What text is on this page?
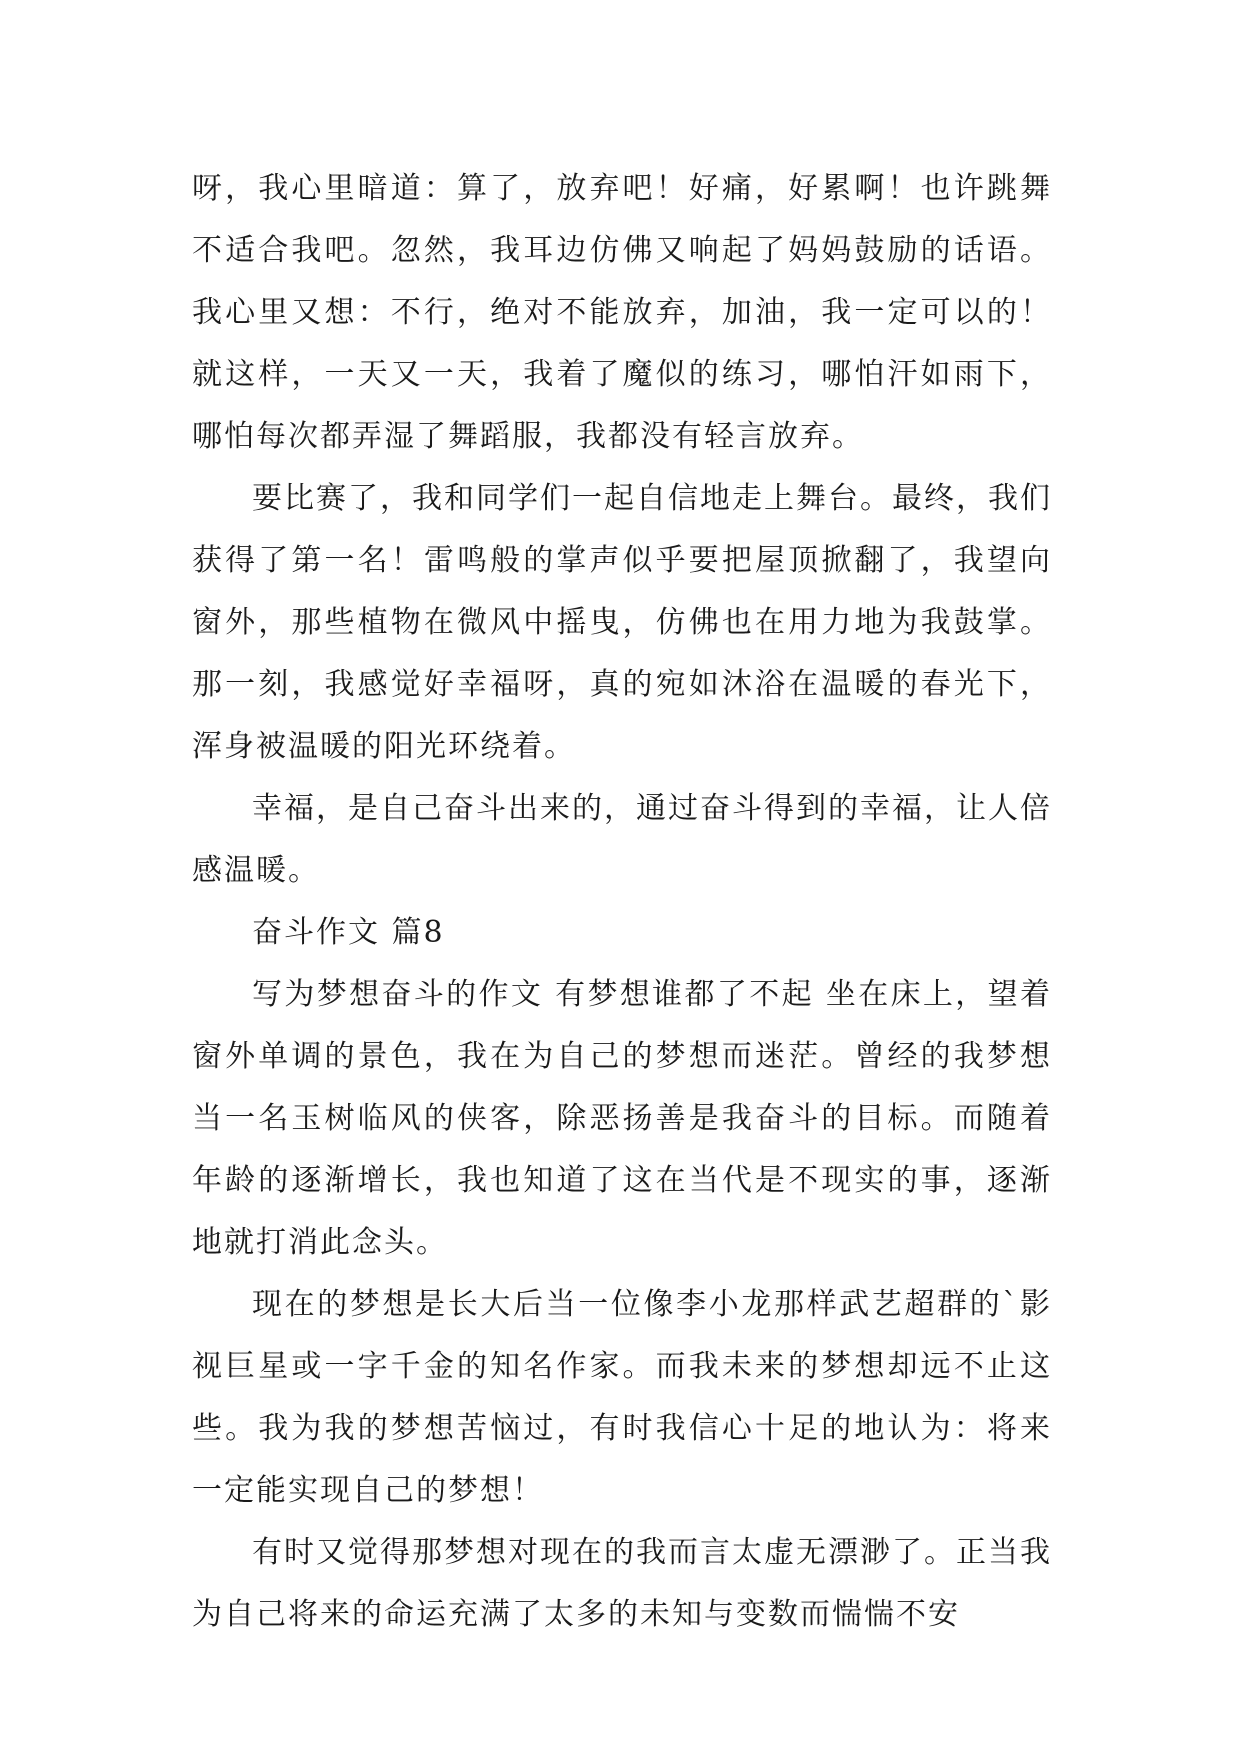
呀，我心里暗道：算了，放弃吧！好痛，好累啊！也许跳舞不适合我吧。忽然，我耳边仿佛又响起了妈妈鼓励的话语。我心里又想：不行，绝对不能放弃，加油，我一定可以的！就这样，一天又一天，我着了魔似的练习，哪怕汗如雨下，哪怕每次都弄湿了舞蹈服，我都没有轻言放弃。

要比赛了，我和同学们一起自信地走上舞台。最终，我们获得了第一名！雷鸣般的掌声似乎要把屋顶掀翻了，我望向窗外，那些植物在微风中摇曳，仿佛也在用力地为我鼓掌。那一刻，我感觉好幸福呀，真的宛如沐浴在温暖的春光下，浑身被温暖的阳光环绕着。

幸福，是自己奋斗出来的，通过奋斗得到的幸福，让人倍感温暖。

奋斗作文 篇8

写为梦想奋斗的作文 有梦想谁都了不起 坐在床上，望着窗外单调的景色，我在为自己的梦想而迷茫。曾经的我梦想当一名玉树临风的侠客，除恶扬善是我奋斗的目标。而随着年龄的逐渐增长，我也知道了这在当代是不现实的事，逐渐地就打消此念头。

现在的梦想是长大后当一位像李小龙那样武艺超群的`影视巨星或一字千金的知名作家。而我未来的梦想却远不止这些。我为我的梦想苦恼过，有时我信心十足的地认为：将来一定能实现自己的梦想！

有时又觉得那梦想对现在的我而言太虚无漂渺了。正当我为自己将来的命运充满了太多的未知与变数而惴惴不安
